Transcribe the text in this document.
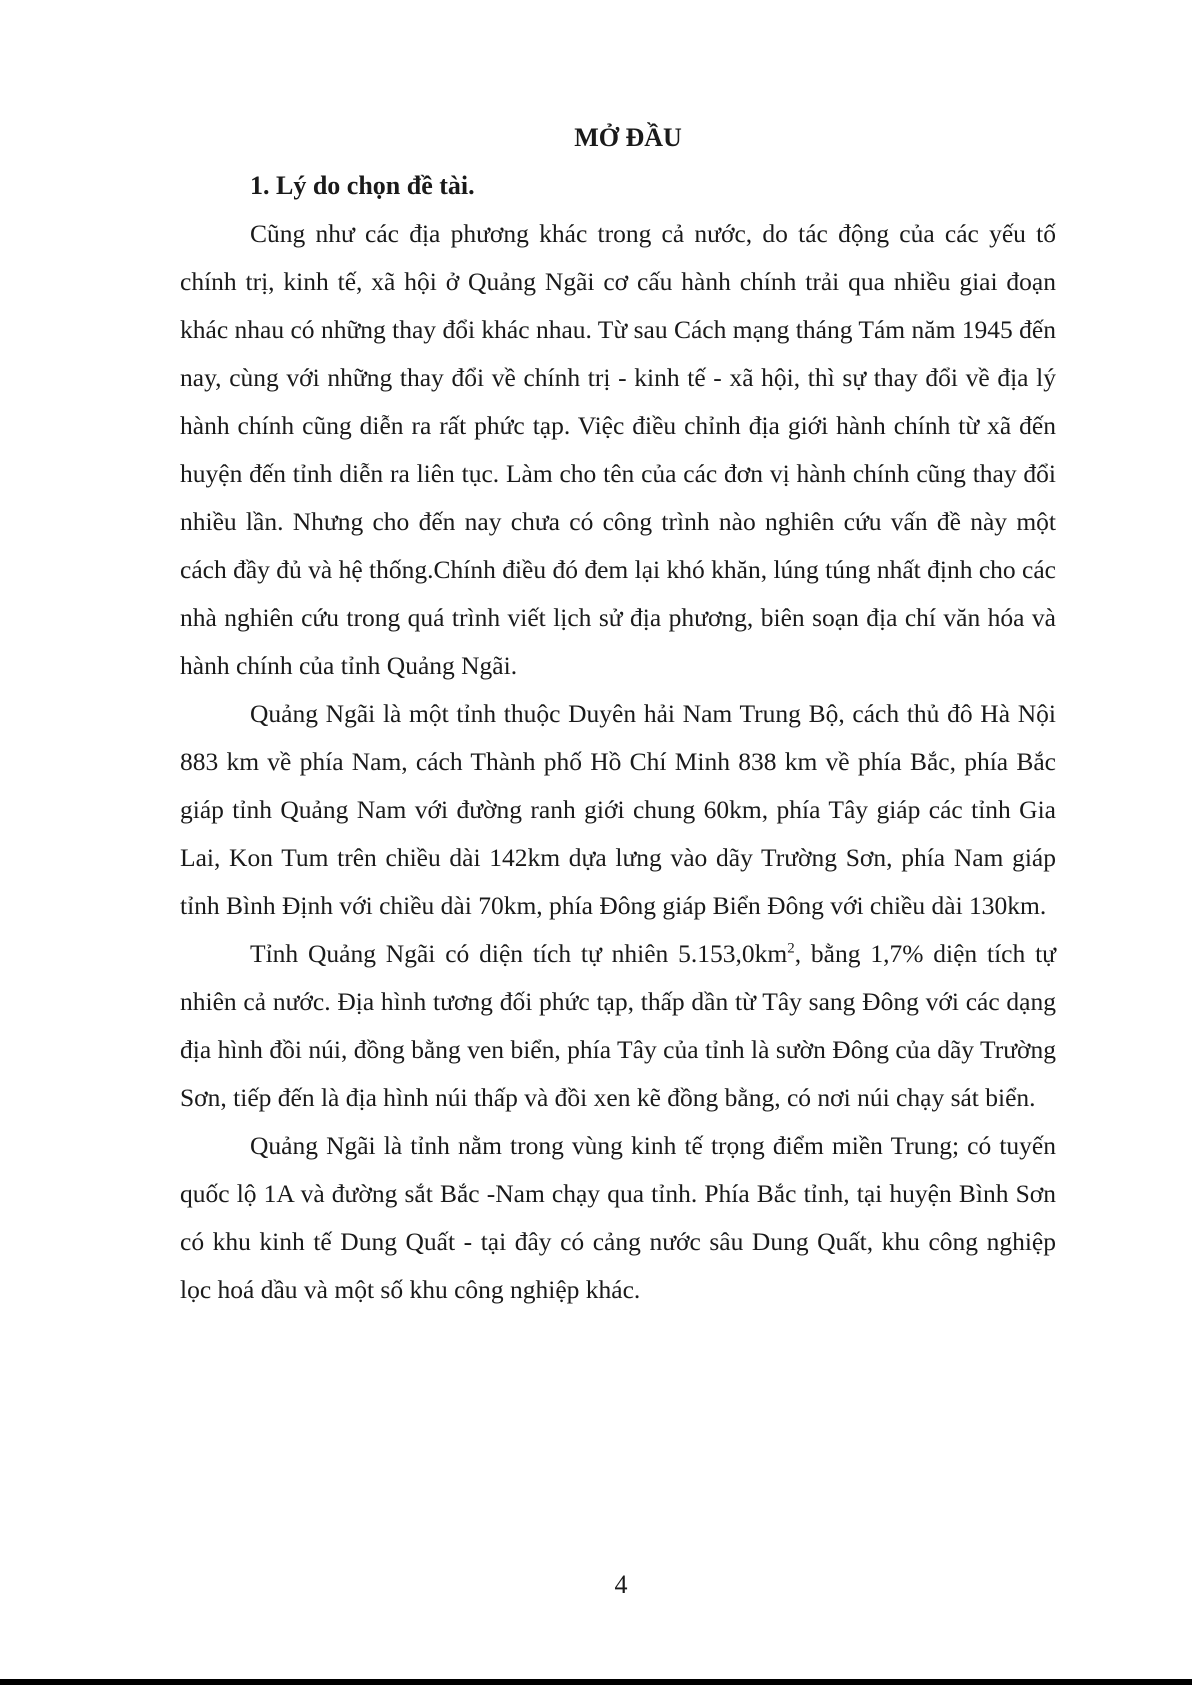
MỞ ĐẦU
1. Lý do chọn đề tài.

Cũng như các địa phương khác trong cả nước, do tác động của các yếu tố chính trị, kinh tế, xã hội ở Quảng Ngãi cơ cấu hành chính trải qua nhiều giai đoạn khác nhau có những thay đổi khác nhau. Từ sau Cách mạng tháng Tám năm 1945 đến nay, cùng với những thay đổi về chính trị - kinh tế - xã hội, thì sự thay đổi về địa lý hành chính cũng diễn ra rất phức tạp. Việc điều chỉnh địa giới hành chính từ xã đến huyện đến tỉnh diễn ra liên tục. Làm cho tên của các đơn vị hành chính cũng thay đổi nhiều lần. Nhưng cho đến nay chưa có công trình nào nghiên cứu vấn đề này một cách đầy đủ và hệ thống.Chính điều đó đem lại khó khăn, lúng túng nhất định cho các nhà nghiên cứu trong quá trình viết lịch sử địa phương, biên soạn địa chí văn hóa và hành chính của tỉnh Quảng Ngãi.

Quảng Ngãi là một tỉnh thuộc Duyên hải Nam Trung Bộ, cách thủ đô Hà Nội 883 km về phía Nam, cách Thành phố Hồ Chí Minh 838 km về phía Bắc, phía Bắc giáp tỉnh Quảng Nam với đường ranh giới chung 60km, phía Tây giáp các tỉnh Gia Lai, Kon Tum trên chiều dài 142km dựa lưng vào dãy Trường Sơn, phía Nam giáp tỉnh Bình Định với chiều dài 70km, phía Đông giáp Biển Đông với chiều dài 130km.

Tỉnh Quảng Ngãi có diện tích tự nhiên $5.153,0km^2$, bằng 1,7% diện tích tự nhiên cả nước. Địa hình tương đối phức tạp, thấp dần từ Tây sang Đông với các dạng địa hình đồi núi, đồng bằng ven biển, phía Tây của tỉnh là sườn Đông của dãy Trường Sơn, tiếp đến là địa hình núi thấp và đồi xen kẽ đồng bằng, có nơi núi chạy sát biển.

Quảng Ngãi là tỉnh nằm trong vùng kinh tế trọng điểm miền Trung; có tuyến quốc lộ 1A và đường sắt Bắc -Nam chạy qua tỉnh. Phía Bắc tỉnh, tại huyện Bình Sơn có khu kinh tế Dung Quất - tại đây có cảng nước sâu Dung Quất, khu công nghiệp lọc hoá dầu và một số khu công nghiệp khác.

4
